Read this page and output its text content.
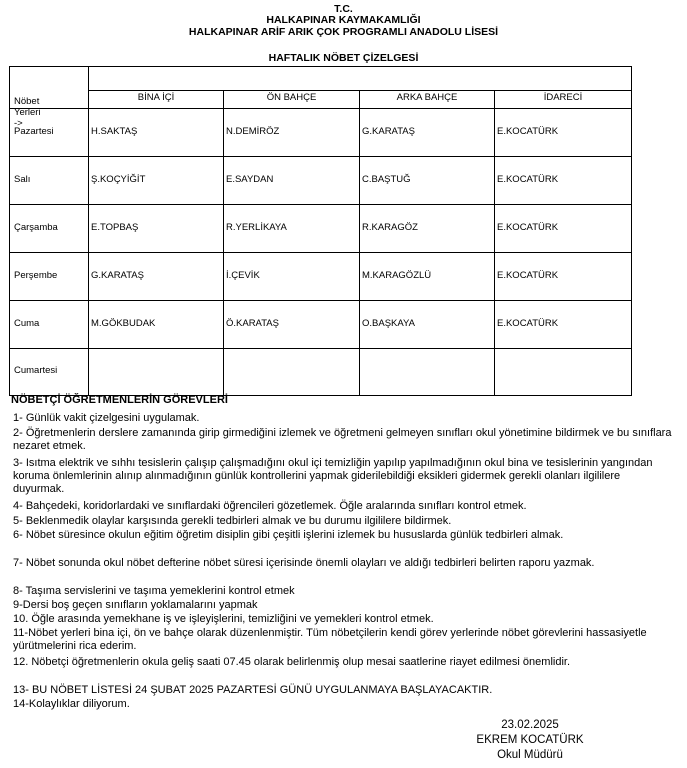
T.C.
HALKAPINAR KAYMAKAMLIĞI
HALKAPINAR ARİF ARIK ÇOK PROGRAMLI ANADOLU LİSESİ
HAFTALIK NÖBET ÇİZELGESİ
Nöbet Yerleri ->
BİNA İÇİ	ÖN BAHÇE	ARKA BAHÇE	İDARECİ
Pazartesi	H.SAKTAŞ	N.DEMİRÖZ	G.KARATAŞ	E.KOCATÜRK
Salı	Ş.KOÇYİĞİT	E.SAYDAN	C.BAŞTUĞ	E.KOCATÜRK
Çarşamba	E.TOPBAŞ	R.YERLİKAYA	R.KARAGÖZ	E.KOCATÜRK
Perşembe	G.KARATAŞ	İ.ÇEVİK	M.KARAGÖZLÜ	E.KOCATÜRK
Cuma	M.GÖKBUDAK	Ö.KARATAŞ	O.BAŞKAYA	E.KOCATÜRK
Cumartesi
NÖBETÇİ ÖĞRETMENLERİN GÖREVLERİ
1- Günlük vakit çizelgesini uygulamak.
2- Öğretmenlerin derslere zamanında girip girmediğini izlemek ve öğretmeni gelmeyen sınıfları okul yönetimine bildirmek ve bu sınıflara nezaret etmek.
3- Isıtma elektrik ve sıhhı tesislerin çalışıp çalışmadığını okul içi temizliğin yapılıp yapılmadığının okul bina ve tesislerinin yangından koruma önlemlerinin alınıp alınmadığının günlük kontrollerini yapmak giderilebildiği eksikleri gidermek gerekli olanları ilgililere duyurmak.
4- Bahçedeki, koridorlardaki ve sınıflardaki öğrencileri gözetlemek. Öğle aralarında sınıfları kontrol etmek.
5- Beklenmedik olaylar karşısında gerekli tedbirleri almak ve bu durumu ilgililere bildirmek.
6- Nöbet süresince okulun eğitim öğretim disiplin gibi çeşitli işlerini izlemek bu hususlarda günlük tedbirleri almak.
7- Nöbet sonunda okul nöbet defterine nöbet süresi içerisinde önemli olayları ve aldığı tedbirleri belirten raporu yazmak.
8- Taşıma servislerini ve taşıma yemeklerini kontrol etmek
9-Dersi boş geçen sınıfların yoklamalarını yapmak
10. Öğle arasında yemekhane iş ve işleyişlerini, temizliğini ve yemekleri kontrol etmek.
11-Nöbet yerleri bina içi, ön ve bahçe olarak düzenlenmiştir. Tüm nöbetçilerin kendi görev yerlerinde nöbet görevlerini hassasiyetle yürütmelerini rica ederim.
12. Nöbetçi öğretmenlerin okula geliş saati 07.45 olarak belirlenmiş olup mesai saatlerine riayet edilmesi önemlidir.
13- BU NÖBET LİSTESİ 24 ŞUBAT 2025 PAZARTESİ GÜNÜ UYGULANMAYA BAŞLAYACAKTIR.
14-Kolaylıklar diliyorum.
23.02.2025
EKREM KOCATÜRK
Okul Müdürü
